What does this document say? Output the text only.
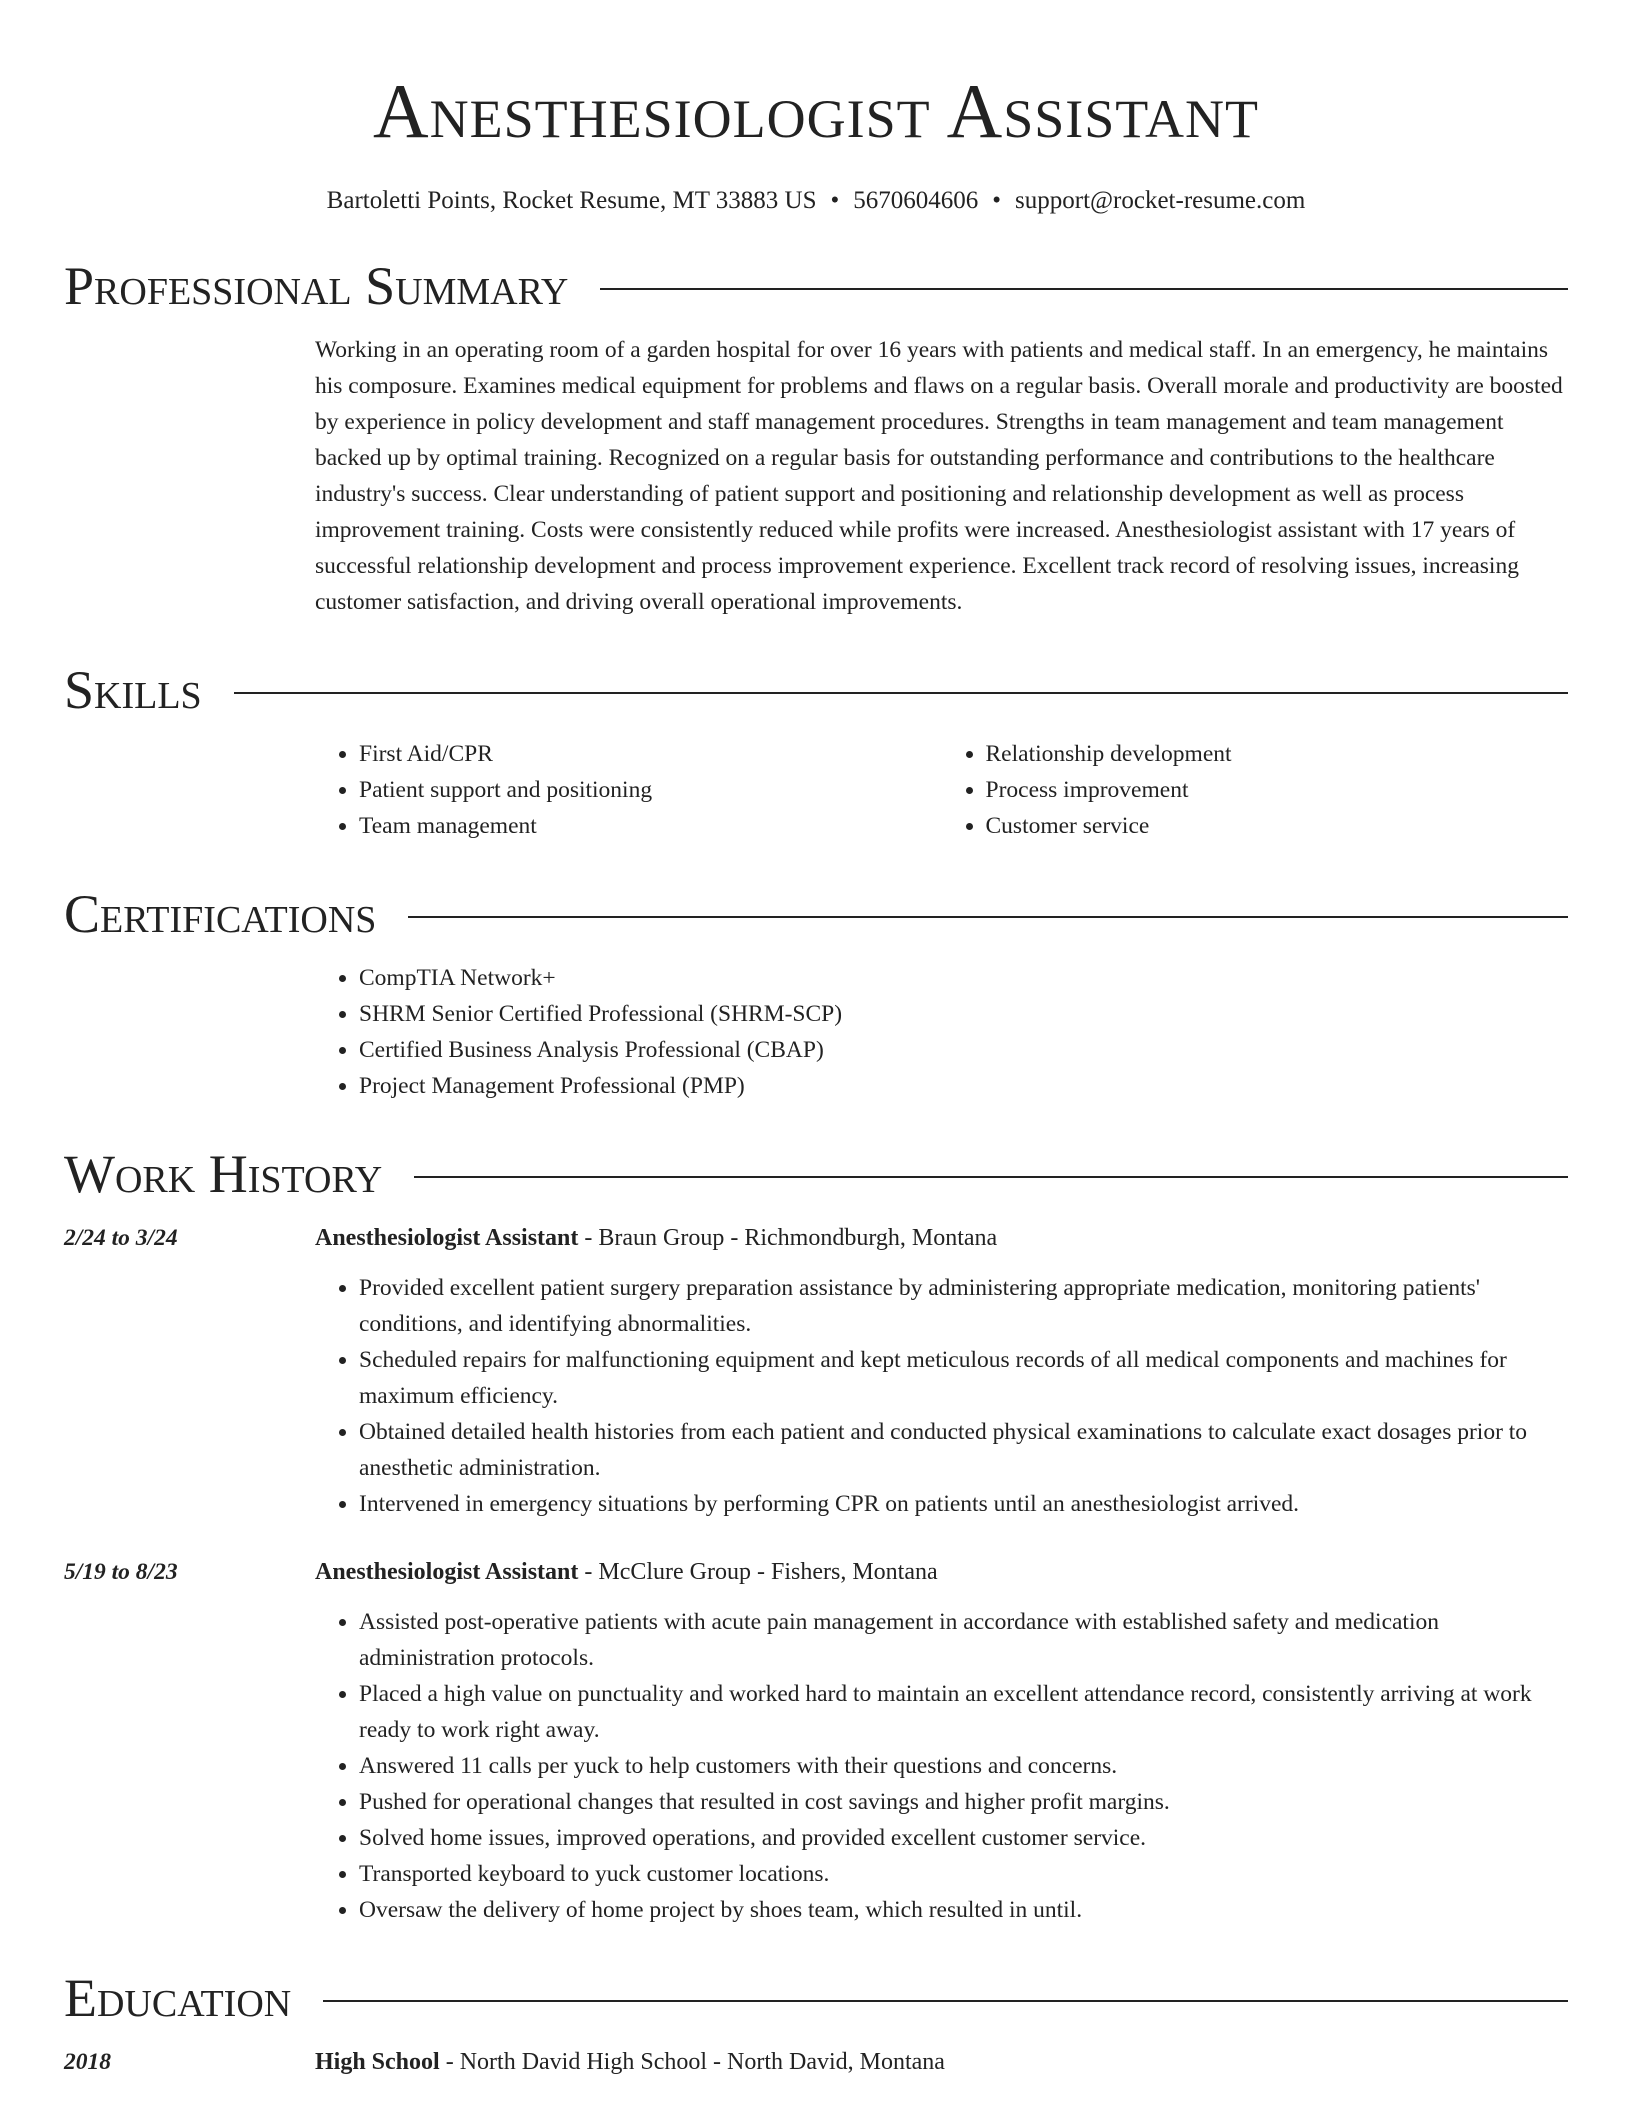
Anesthesiologist Assistant
Bartoletti Points, Rocket Resume, MT 33883 US • 5670604606 • support@rocket-resume.com
Professional Summary
Working in an operating room of a garden hospital for over 16 years with patients and medical staff. In an emergency, he maintains his composure. Examines medical equipment for problems and flaws on a regular basis. Overall morale and productivity are boosted by experience in policy development and staff management procedures. Strengths in team management and team management backed up by optimal training. Recognized on a regular basis for outstanding performance and contributions to the healthcare industry's success. Clear understanding of patient support and positioning and relationship development as well as process improvement training. Costs were consistently reduced while profits were increased. Anesthesiologist assistant with 17 years of successful relationship development and process improvement experience. Excellent track record of resolving issues, increasing customer satisfaction, and driving overall operational improvements.
Skills
• First Aid/CPR
• Patient support and positioning
• Team management
• Relationship development
• Process improvement
• Customer service
Certifications
• CompTIA Network+
• SHRM Senior Certified Professional (SHRM-SCP)
• Certified Business Analysis Professional (CBAP)
• Project Management Professional (PMP)
Work History
2/24 to 3/24	Anesthesiologist Assistant - Braun Group - Richmondburgh, Montana
• Provided excellent patient surgery preparation assistance by administering appropriate medication, monitoring patients' conditions, and identifying abnormalities.
• Scheduled repairs for malfunctioning equipment and kept meticulous records of all medical components and machines for maximum efficiency.
• Obtained detailed health histories from each patient and conducted physical examinations to calculate exact dosages prior to anesthetic administration.
• Intervened in emergency situations by performing CPR on patients until an anesthesiologist arrived.
5/19 to 8/23	Anesthesiologist Assistant - McClure Group - Fishers, Montana
• Assisted post-operative patients with acute pain management in accordance with established safety and medication administration protocols.
• Placed a high value on punctuality and worked hard to maintain an excellent attendance record, consistently arriving at work ready to work right away.
• Answered 11 calls per yuck to help customers with their questions and concerns.
• Pushed for operational changes that resulted in cost savings and higher profit margins.
• Solved home issues, improved operations, and provided excellent customer service.
• Transported keyboard to yuck customer locations.
• Oversaw the delivery of home project by shoes team, which resulted in until.
Education
2018	High School - North David High School - North David, Montana
